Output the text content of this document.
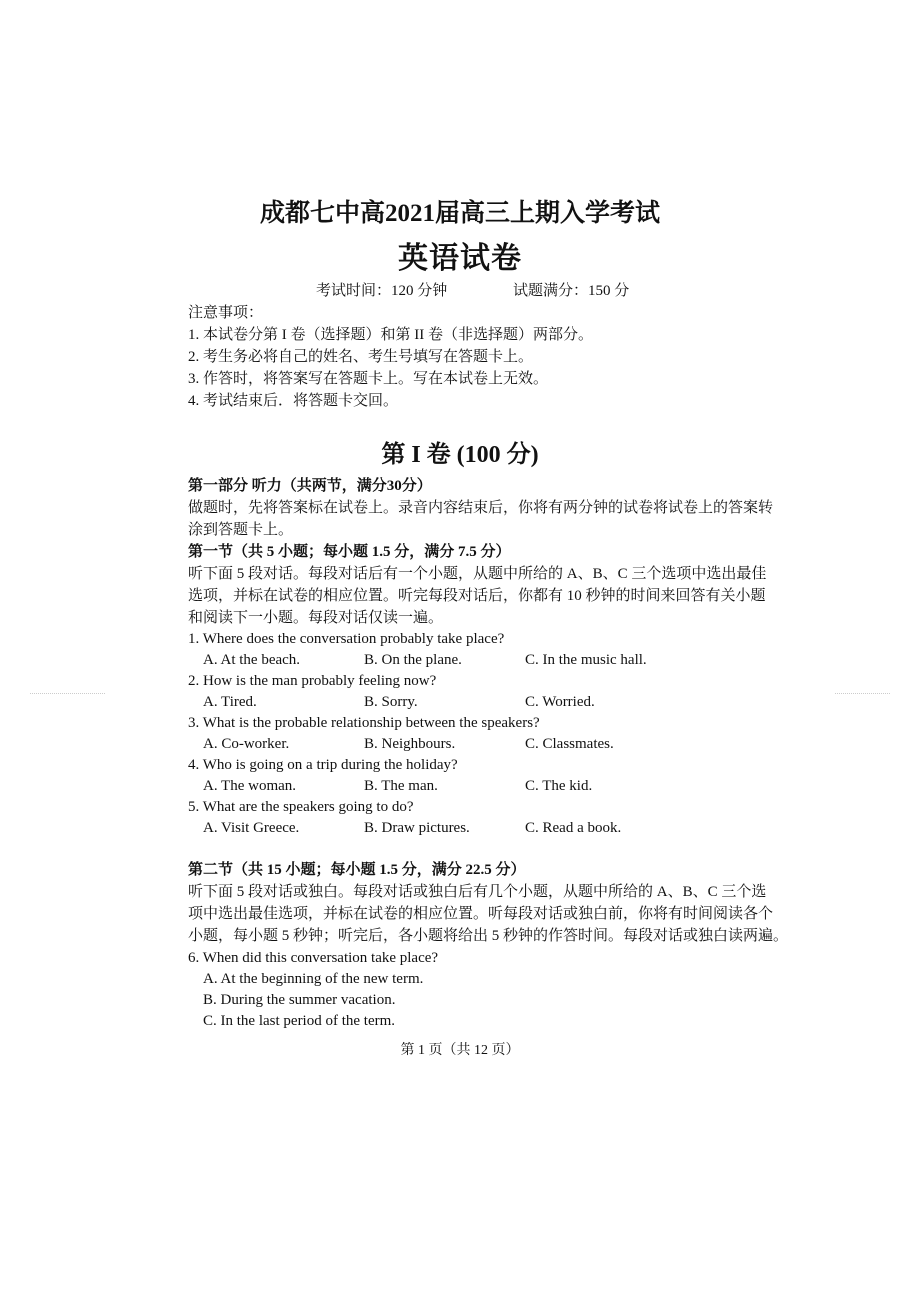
成都七中高2021届高三上期入学考试
英语试卷
考试时间：120 分钟	试题满分：150 分
注意事项：
1. 本试卷分第 I 卷（选择题）和第 II 卷（非选择题）两部分。
2. 考生务必将自己的姓名、考生号填写在答题卡上。
3. 作答时，将答案写在答题卡上。写在本试卷上无效。
4. 考试结束后．将答题卡交回。
第 I 卷 (100 分)
第一部分 听力（共两节，满分30分）
做题时，先将答案标在试卷上。录音内容结束后，你将有两分钟的试卷将试卷上的答案转
涂到答题卡上。
第一节（共 5 小题；每小题 1.5 分，满分 7.5 分）
听下面 5 段对话。每段对话后有一个小题，从题中所给的 A、B、C 三个选项中选出最佳
选项，并标在试卷的相应位置。听完每段对话后，你都有 10 秒钟的时间来回答有关小题
和阅读下一小题。每段对话仅读一遍。
1. Where does the conversation probably take place?
A. At the beach.	B. On the plane.	C. In the music hall.
2. How is the man probably feeling now?
A. Tired.	B. Sorry.	C. Worried.
3. What is the probable relationship between the speakers?
A. Co-worker.	B. Neighbours.	C. Classmates.
4. Who is going on a trip during the holiday?
A. The woman.	B. The man.	C. The kid.
5. What are the speakers going to do?
A. Visit Greece.	B. Draw pictures.	C. Read a book.
第二节（共 15 小题；每小题 1.5 分，满分 22.5 分）
听下面 5 段对话或独白。每段对话或独白后有几个小题，从题中所给的 A、B、C 三个选
项中选出最佳选项，并标在试卷的相应位置。听每段对话或独白前，你将有时间阅读各个
小题，每小题 5 秒钟；听完后，各小题将给出 5 秒钟的作答时间。每段对话或独白读两遍。
6. When did this conversation take place?
A. At the beginning of the new term.
B. During the summer vacation.
C. In the last period of the term.
第 1 页（共 12 页）
